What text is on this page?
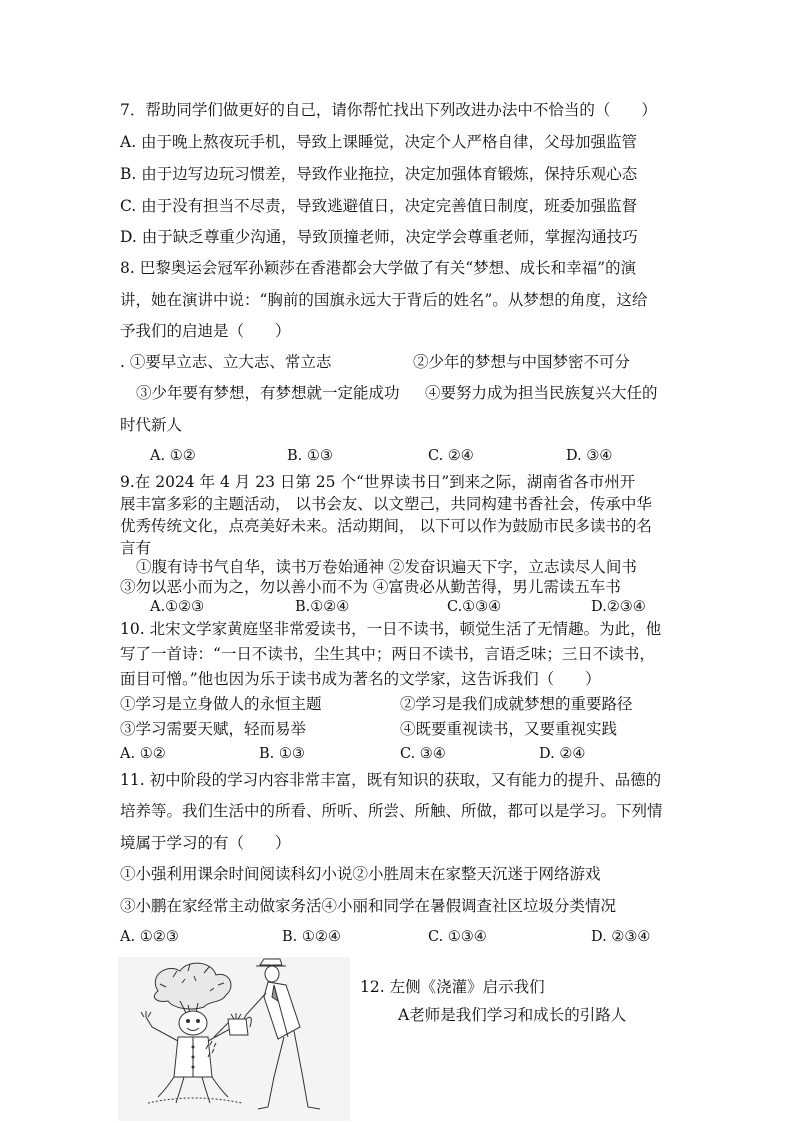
7．帮助同学们做更好的自己，请你帮忙找出下列改进办法中不恰当的（　　）
A. 由于晚上熬夜玩手机，导致上课睡觉，决定个人严格自律，父母加强监管
B. 由于边写边玩习惯差，导致作业拖拉，决定加强体育锻炼，保持乐观心态
C. 由于没有担当不尽责，导致逃避值日，决定完善值日制度，班委加强监督
D. 由于缺乏尊重少沟通，导致顶撞老师，决定学会尊重老师，掌握沟通技巧
8. 巴黎奥运会冠军孙颖莎在香港都会大学做了有关“梦想、成长和幸福”的演
讲，她在演讲中说：“胸前的国旗永远大于背后的姓名”。从梦想的角度，这给
予我们的启迪是（　　）
. ①要早立志、立大志、常立志	②少年的梦想与中国梦密不可分
③少年要有梦想，有梦想就一定能成功 ④要努力成为担当民族复兴大任的
时代新人
A. ①②	B. ①③	C. ②④	D. ③④
9.在 2024 年 4 月 23 日第 25 个“世界读书日”到来之际，湖南省各市州开
展丰富多彩的主题活动， 以书会友、以文塑己，共同构建书香社会，传承中华
优秀传统文化，点亮美好未来。活动期间， 以下可以作为鼓励市民多读书的名
言有
①腹有诗书气自华，读书万卷始通神 ②发奋识遍天下字，立志读尽人间书
③勿以恶小而为之，勿以善小而不为 ④富贵必从勤苦得，男儿需读五车书
A.①②③	B.①②④	C.①③④	D.②③④
10. 北宋文学家黄庭坚非常爱读书，一日不读书，顿觉生活了无情趣。为此，他
写了一首诗：“一日不读书，尘生其中；两日不读书，言语乏味；三日不读书，
面目可憎。”他也因为乐于读书成为著名的文学家，这告诉我们（　　）
①学习是立身做人的永恒主题	②学习是我们成就梦想的重要路径
③学习需要天赋，轻而易举	④既要重视读书，又要重视实践
A. ①②	B. ①③	C. ③④	D. ②④
11. 初中阶段的学习内容非常丰富，既有知识的获取，又有能力的提升、品德的
培养等。我们生活中的所看、所听、所尝、所触、所做，都可以是学习。下列情
境属于学习的有（　　）
①小强利用课余时间阅读科幻小说②小胜周末在家整天沉迷于网络游戏
③小鹏在家经常主动做家务活④小丽和同学在暑假调查社区垃圾分类情况
A. ①②③	B. ①②④	C. ①③④	D. ②③④
12. 左侧《浇灌》启示我们
A老师是我们学习和成长的引路人
